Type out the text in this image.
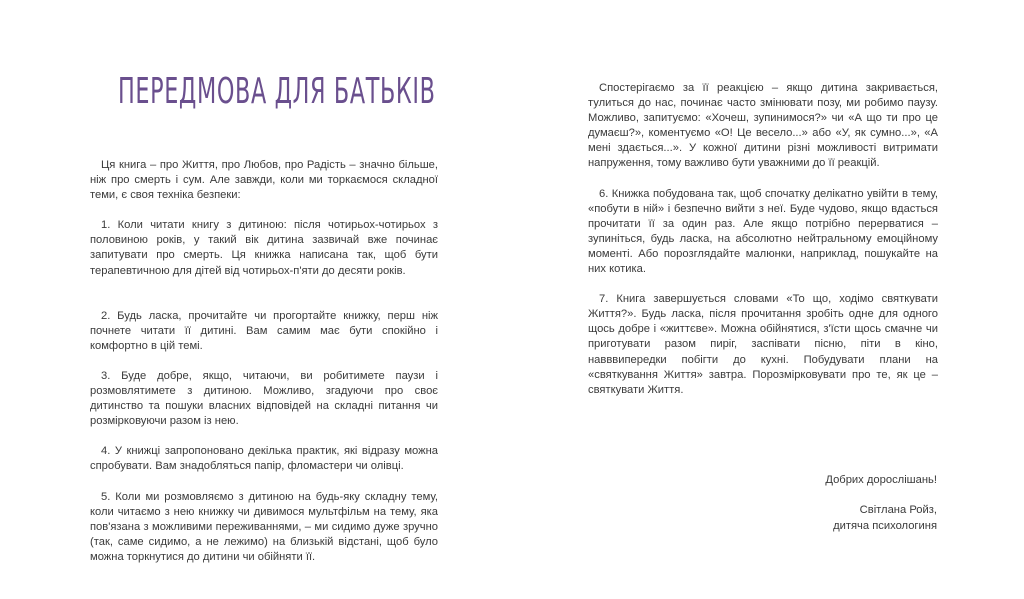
ПЕРЕДМОВА ДЛЯ БАТЬКІВ

Ця книга – про Життя, про Любов, про Радість – значно більше, ніж про смерть і сум. Але завжди, коли ми торкаємося складної теми, є своя техніка безпеки:

1. Коли читати книгу з дитиною: після чотирьох-чотирьох з половиною років, у такий вік дитина зазвичай вже починає запитувати про смерть. Ця книжка написана так, щоб бути терапевтичною для дітей від чотирьох-п'яти до десяти років.

2. Будь ласка, прочитайте чи прогортайте книжку, перш ніж почнете читати її дитині. Вам самим має бути спокійно і комфортно в цій темі.

3. Буде добре, якщо, читаючи, ви робитимете паузи і розмовлятимете з дитиною. Можливо, згадуючи про своє дитинство та пошуки власних відповідей на складні питання чи розмірковуючи разом із нею.

4. У книжці запропоновано декілька практик, які відразу можна спробувати. Вам знадобляться папір, фломастери чи олівці.

5. Коли ми розмовляємо з дитиною на будь-яку складну тему, коли читаємо з нею книжку чи дивимося мультфільм на тему, яка пов'язана з можливими переживаннями, – ми сидимо дуже зручно (так, саме сидимо, а не лежимо) на близькій відстані, щоб було можна торкнутися до дитини чи обійняти її.

Спостерігаємо за її реакцією – якщо дитина закривається, тулиться до нас, починає часто змінювати позу, ми робимо паузу. Можливо, запитуємо: «Хочеш, зупинимося?» чи «А що ти про це думаєш?», коментуємо «О! Це весело...» або «У, як сумно...», «А мені здається...». У кожної дитини різні можливості витримати напруження, тому важливо бути уважними до її реакцій.

6. Книжка побудована так, щоб спочатку делікатно увійти в тему, «побути в ній» і безпечно вийти з неї. Буде чудово, якщо вдасться прочитати її за один раз. Але якщо потрібно перерватися – зупиніться, будь ласка, на абсолютно нейтральному емоційному моменті. Або порозглядайте малюнки, наприклад, пошукайте на них котика.

7. Книга завершується словами «То що, ходімо святкувати Життя?». Будь ласка, після прочитання зробіть одне для одного щось добре і «життєве». Можна обійнятися, з'їсти щось смачне чи приготувати разом пиріг, заспівати пісню, піти в кіно, навввипередки побігти до кухні. Побудувати плани на «святкування Життя» завтра. Порозмірковувати про те, як це – святкувати Життя.

Добрих дорослішань!
Світлана Ройз,
дитяча психологиня
